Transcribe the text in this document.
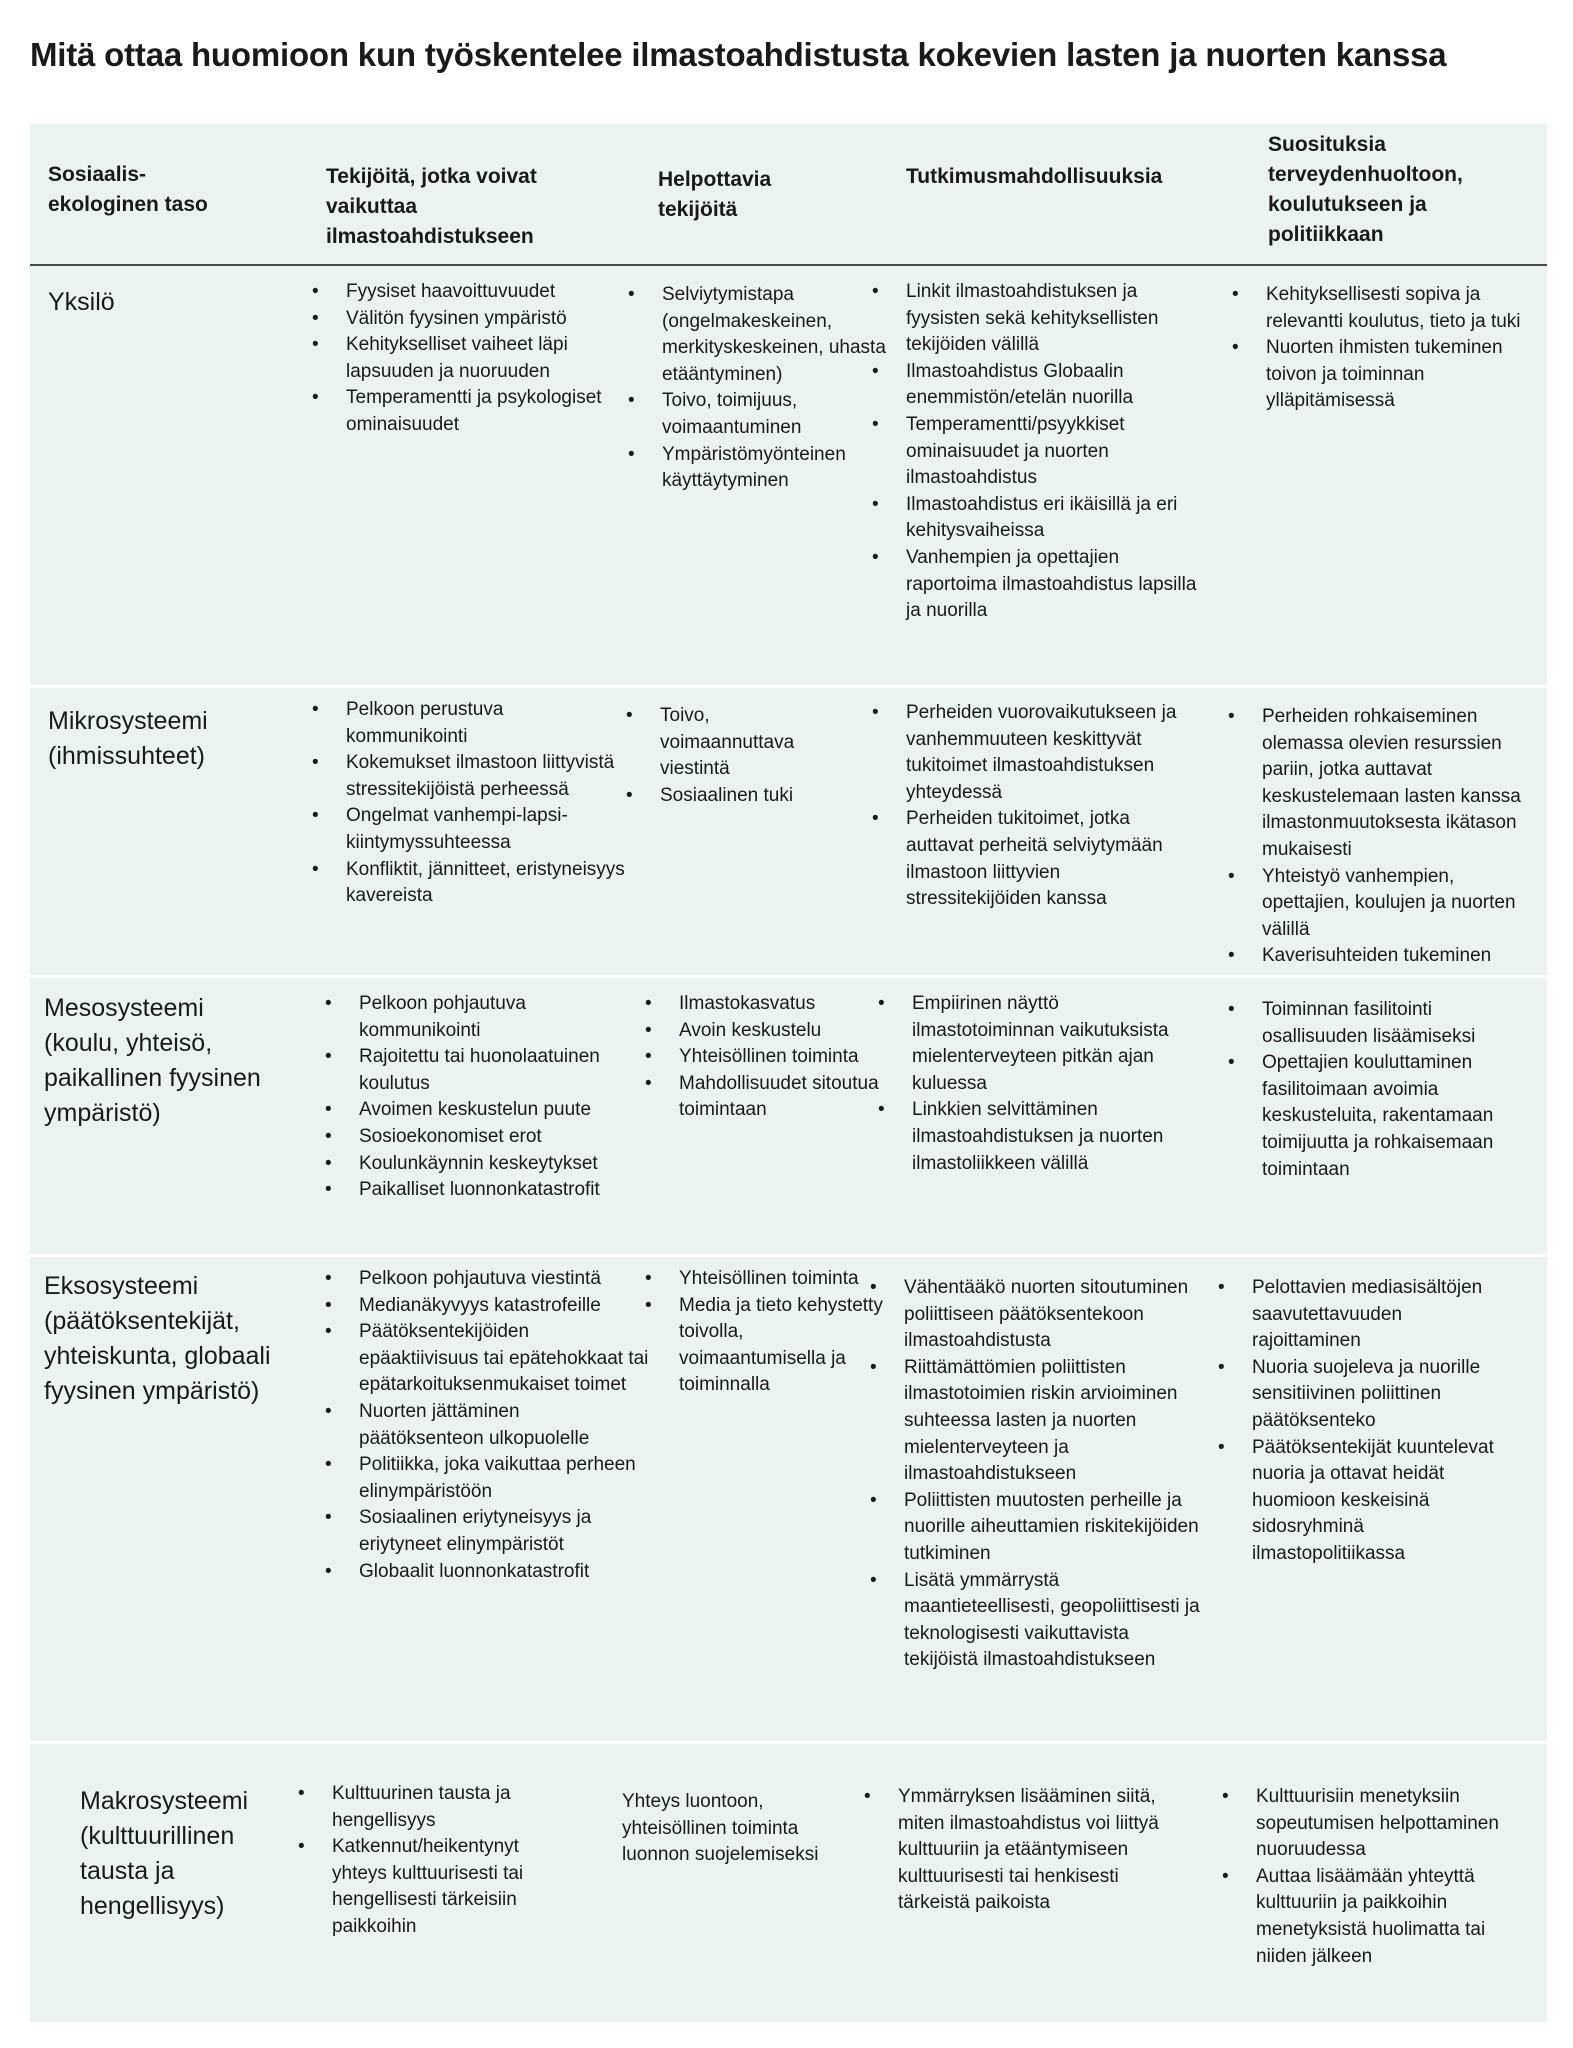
Mitä ottaa huomioon kun työskentelee ilmastoahdistusta kokevien lasten ja nuorten kanssa
Sosiaalis-ekologinen taso
Tekijöitä, jotka voivat vaikuttaa ilmastoahdistukseen
Helpottavia tekijöitä
Tutkimusmahdollisuuksia
Suosituksia terveydenhuoltoon, koulutukseen ja politiikkaan
Yksilö
•	Fyysiset haavoittuvuudet
• Välitön fyysinen ympäristö
• Kehitykselliset vaiheet läpi lapsuuden ja nuoruuden
• Temperamentti ja psykologiset ominaisuudet
• Selviytymistapa (ongelmakeskeinen, merkityskeskeinen, uhasta etääntyminen)
• Toivo, toimijuus, voimaantuminen
• Ympäristömyönteinen käyttäytyminen
• Linkit ilmastoahdistuksen ja fyysisten sekä kehityksellisten tekijöiden välillä
• Ilmastoahdistus Globaalin enemmistön/etelän nuorilla
• Temperamentti/psyykkiset ominaisuudet ja nuorten ilmastoahdistus
• Ilmastoahdistus eri ikäisillä ja eri kehitysvaiheissa
• Vanhempien ja opettajien raportoima ilmastoahdistus lapsilla ja nuorilla
• Kehityksellisesti sopiva ja relevantti koulutus, tieto ja tuki
• Nuorten ihmisten tukeminen toivon ja toiminnan ylläpitämisessä
Mikrosysteemi (ihmissuhteet)
• Pelkoon perustuva kommunikointi
• Kokemukset ilmastoon liittyvistä stressitekijöistä perheessä
• Ongelmat vanhempi-lapsi-kiintymyssuhteessa
• Konfliktit, jännitteet, eristyneisyys kavereista
• Toivo, voimaannuttava viestintä
• Sosiaalinen tuki
• Perheiden vuorovaikutukseen ja vanhemmuuteen keskittyvät tukitoimet ilmastoahdistuksen yhteydessä
• Perheiden tukitoimet, jotka auttavat perheitä selviytymään ilmastoon liittyvien stressitekijöiden kanssa
• Perheiden rohkaiseminen olemassa olevien resurssien pariin, jotka auttavat keskustelemaan lasten kanssa ilmastonmuutoksesta ikätason mukaisesti
• Yhteistyö vanhempien, opettajien, koulujen ja nuorten välillä
• Kaverisuhteiden tukeminen
Mesosysteemi (koulu, yhteisö, paikallinen fyysinen ympäristö)
• Pelkoon pohjautuva kommunikointi
• Rajoitettu tai huonolaatuinen koulutus
• Avoimen keskustelun puute
• Sosioekonomiset erot
• Koulunkäynnin keskeytykset
• Paikalliset luonnonkatastrofit
• Ilmastokasvatus
• Avoin keskustelu
• Yhteisöllinen toiminta
• Mahdollisuudet sitoutua toimintaan
• Empiirinen näyttö ilmastotoiminnan vaikutuksista mielenterveyteen pitkän ajan kuluessa
• Linkkien selvittäminen ilmastoahdistuksen ja nuorten ilmastoliikkeen välillä
• Toiminnan fasilitointi osallisuuden lisäämiseksi
• Opettajien kouluttaminen fasilitoimaan avoimia keskusteluita, rakentamaan toimijuutta ja rohkaisemaan toimintaan
Eksosysteemi (päätöksentekijät, yhteiskunta, globaali fyysinen ympäristö)
• Pelkoon pohjautuva viestintä
• Medianäkyvyys katastrofeille
• Päätöksentekijöiden epäaktiivisuus tai epätehokkaat tai epätarkoituksenmukaiset toimet
• Nuorten jättäminen päätöksenteon ulkopuolelle
• Politiikka, joka vaikuttaa perheen elinympäristöön
• Sosiaalinen eriytyneisyys ja eriytyneet elinympäristöt
• Globaalit luonnonkatastrofit
• Yhteisöllinen toiminta
• Media ja tieto kehystetty toivolla, voimaantumisella ja toiminnalla
• Vähentääkö nuorten sitoutuminen poliittiseen päätöksentekoon ilmastoahdistusta
• Riittämättömien poliittisten ilmastotoimien riskin arvioiminen suhteessa lasten ja nuorten mielenterveyteen ja ilmastoahdistukseen
• Poliittisten muutosten perheille ja nuorille aiheuttamien riskitekijöiden tutkiminen
• Lisätä ymmärrystä maantieteellisesti, geopoliittisesti ja teknologisesti vaikuttavista tekijöistä ilmastoahdistukseen
• Pelottavien mediasisältöjen saavutettavuuden rajoittaminen
• Nuoria suojeleva ja nuorille sensitiivinen poliittinen päätöksenteko
• Päätöksentekijät kuuntelevat nuoria ja ottavat heidät huomioon keskeisinä sidosryhminä ilmastopolitiikassa
Makrosysteemi (kulttuurillinen tausta ja hengellisyys)
• Kulttuurinen tausta ja hengellisyys
• Katkennut/heikentynyt yhteys kulttuurisesti tai hengellisesti tärkeisiin paikkoihin
Yhteys luontoon, yhteisöllinen toiminta luonnon suojelemiseksi
• Ymmärryksen lisääminen siitä, miten ilmastoahdistus voi liittyä kulttuuriin ja etääntymiseen kulttuurisesti tai henkisesti tärkeistä paikoista
• Kulttuurisiin menetyksiin sopeutumisen helpottaminen nuoruudessa
• Auttaa lisäämään yhteyttä kulttuuriin ja paikkoihin menetyksistä huolimatta tai niiden jälkeen
